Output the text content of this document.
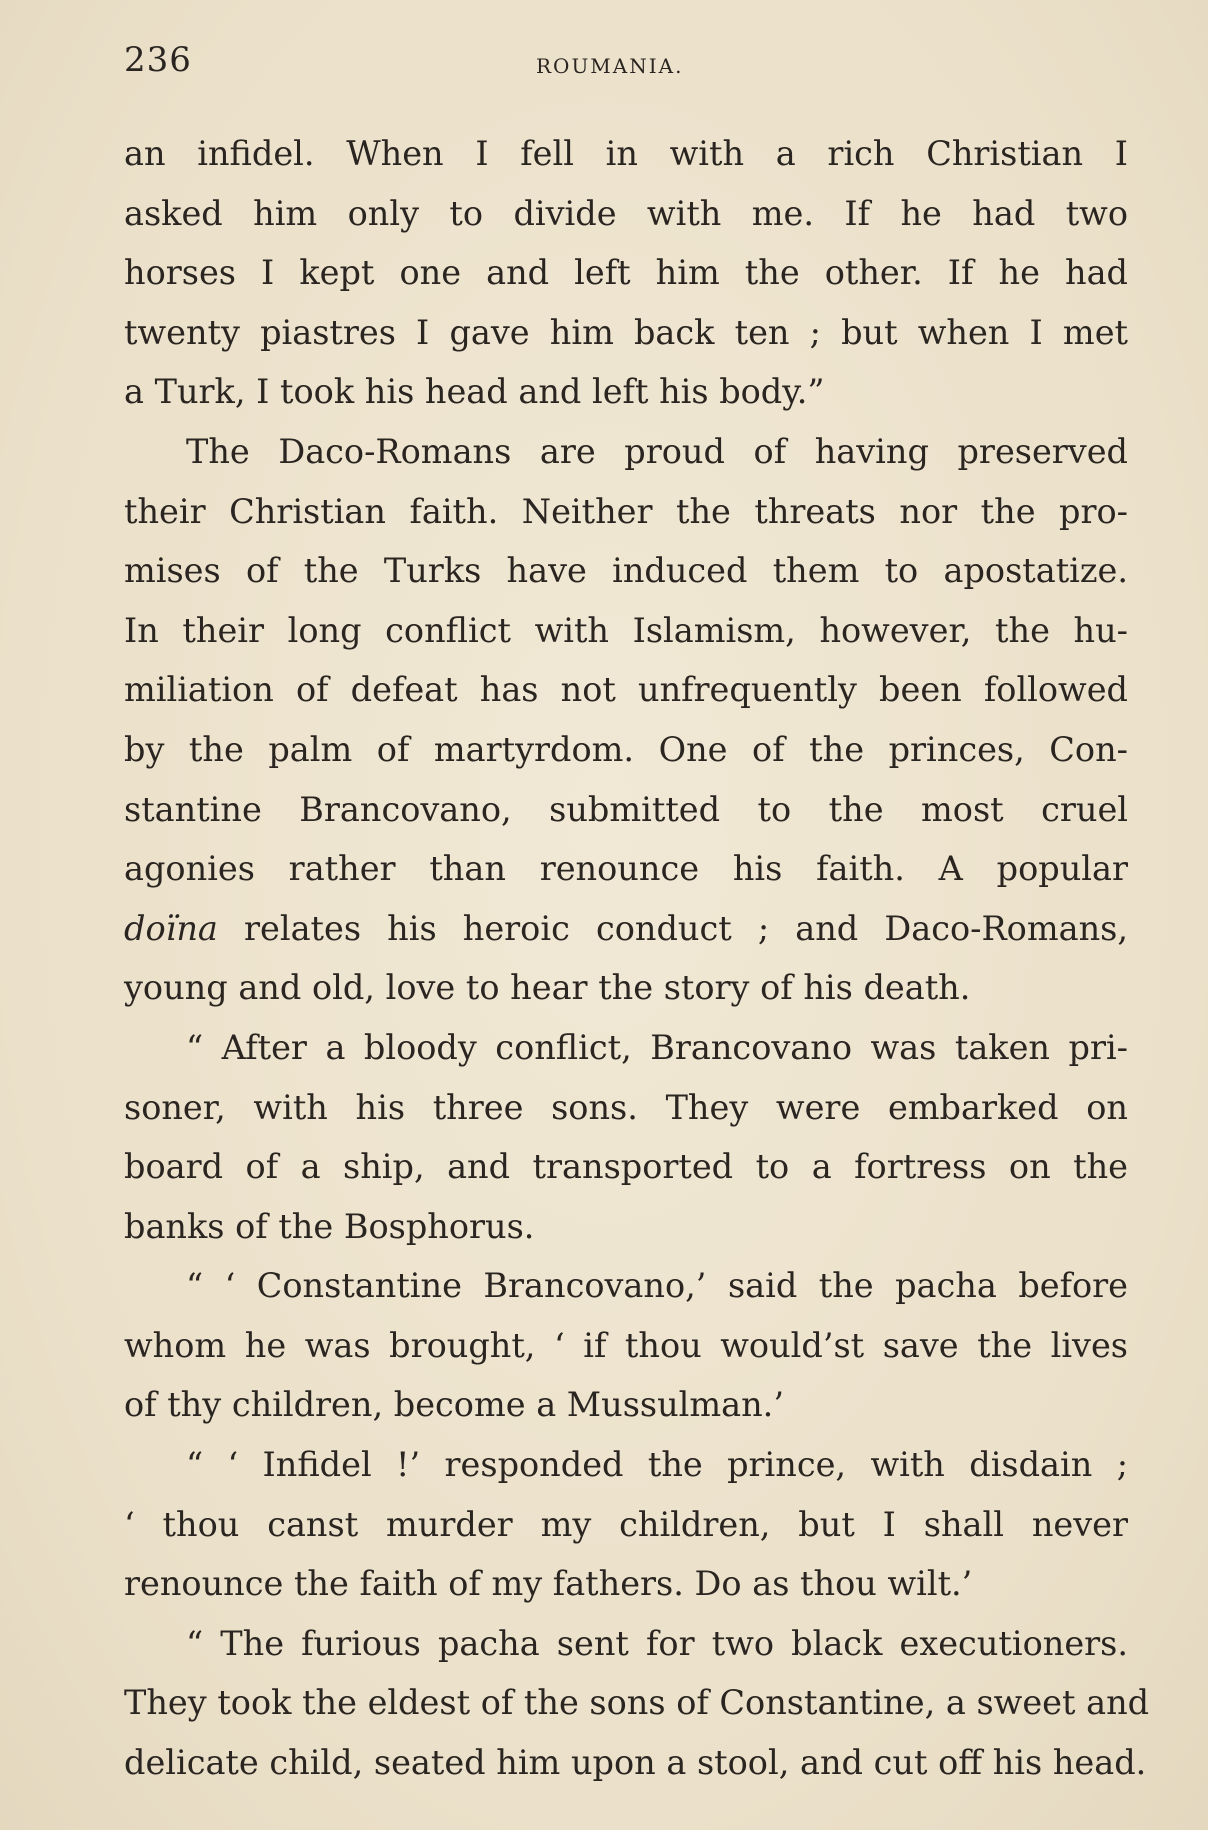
236	ROUMANIA.
an infidel. When I fell in with a rich Christian I
asked him only to divide with me. If he had two
horses I kept one and left him the other. If he had
twenty piastres I gave him back ten ; but when I met
a Turk, I took his head and left his body.”
The Daco-Romans are proud of having preserved
their Christian faith. Neither the threats nor the pro-
mises of the Turks have induced them to apostatize.
In their long conflict with Islamism, however, the hu-
miliation of defeat has not unfrequently been followed
by the palm of martyrdom. One of the princes, Con-
stantine Brancovano, submitted to the most cruel
agonies rather than renounce his faith. A popular
doïna relates his heroic conduct ; and Daco-Romans,
young and old, love to hear the story of his death.
“ After a bloody conflict, Brancovano was taken pri-
soner, with his three sons. They were embarked on
board of a ship, and transported to a fortress on the
banks of the Bosphorus.
“ ‘ Constantine Brancovano,’ said the pacha before
whom he was brought, ‘ if thou would’st save the lives
of thy children, become a Mussulman.’
“ ‘ Infidel !’ responded the prince, with disdain ;
‘ thou canst murder my children, but I shall never
renounce the faith of my fathers. Do as thou wilt.’
“ The furious pacha sent for two black executioners.
They took the eldest of the sons of Constantine, a sweet and
delicate child, seated him upon a stool, and cut off his head.
